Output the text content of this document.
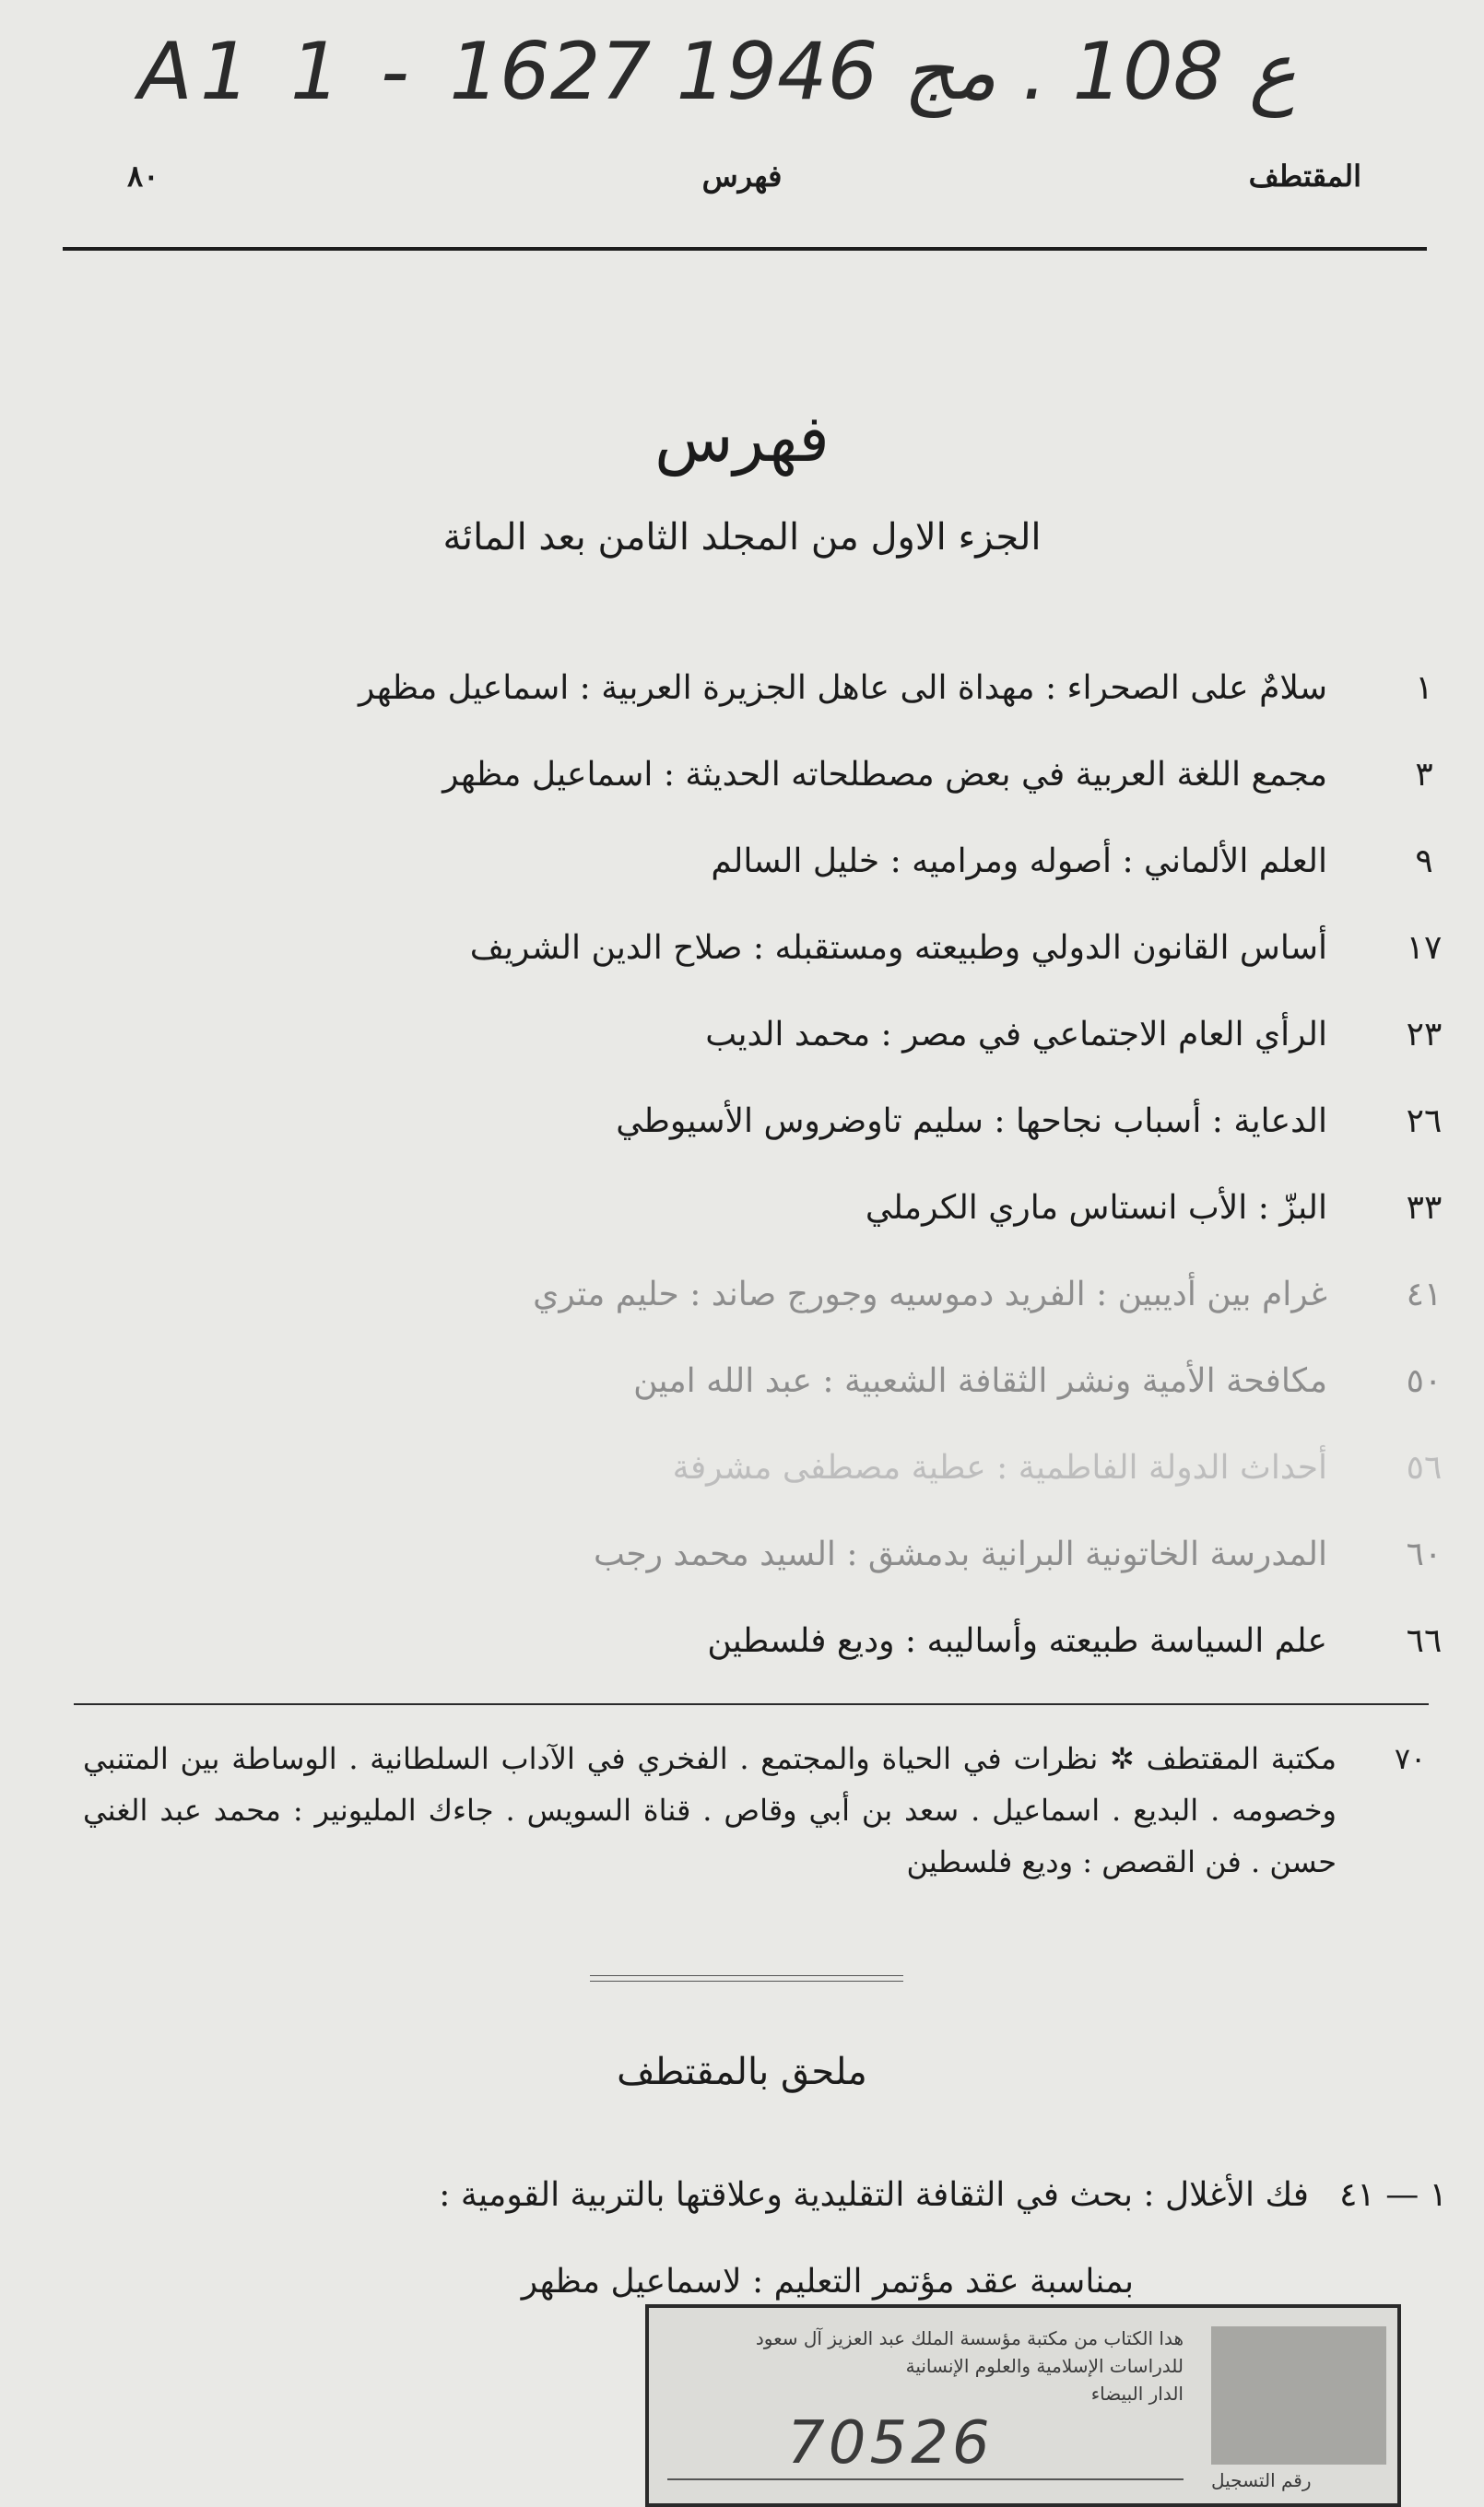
A1 1 - ع 108 . مج 1946 1627
٨٠	فهرس	المقتطف
فهرس
الجزء الاول من المجلد الثامن بعد المائة
١
سلامٌ على الصحراء : مهداة الى عاهل الجزيرة العربية : اسماعيل مظهر
٣
مجمع اللغة العربية في بعض مصطلحاته الحديثة : اسماعيل مظهر
٩
العلم الألماني : أصوله ومراميه : خليل السالم
١٧
أساس القانون الدولي وطبيعته ومستقبله : صلاح الدين الشريف
٢٣
الرأي العام الاجتماعي في مصر : محمد الديب
٢٦
الدعاية : أسباب نجاحها : سليم تاوضروس الأسيوطي
٣٣
البزّ : الأب انستاس ماري الكرملي
٤١
غرام بين أديبين : الفريد دموسيه وجورج صاند : حليم متري
٥٠
مكافحة الأمية ونشر الثقافة الشعبية : عبد الله امين
٥٦
أحداث الدولة الفاطمية : عطية مصطفى مشرفة
٦٠
المدرسة الخاتونية البرانية بدمشق : السيد محمد رجب
٦٦
علم السياسة طبيعته وأساليبه : وديع فلسطين
٧٠
مكتبة المقتطف ✲ نظرات في الحياة والمجتمع . الفخري في الآداب السلطانية . الوساطة بين المتنبي وخصومه . البديع . اسماعيل . سعد بن أبي وقاص . قناة السويس . جاءك المليونير : محمد عبد الغني حسن . فن القصص : وديع فلسطين
ملحق بالمقتطف
١ — ٤١
فك الأغلال : بحث في الثقافة التقليدية وعلاقتها بالتربية القومية :
بمناسبة عقد مؤتمر التعليم : لاسماعيل مظهر
هدا الكتاب من مكتبة مؤسسة الملك عبد العزيز آل سعود
للدراسات الإسلامية والعلوم الإنسانية
الدار البيضاء
70526
رقم التسجيل
